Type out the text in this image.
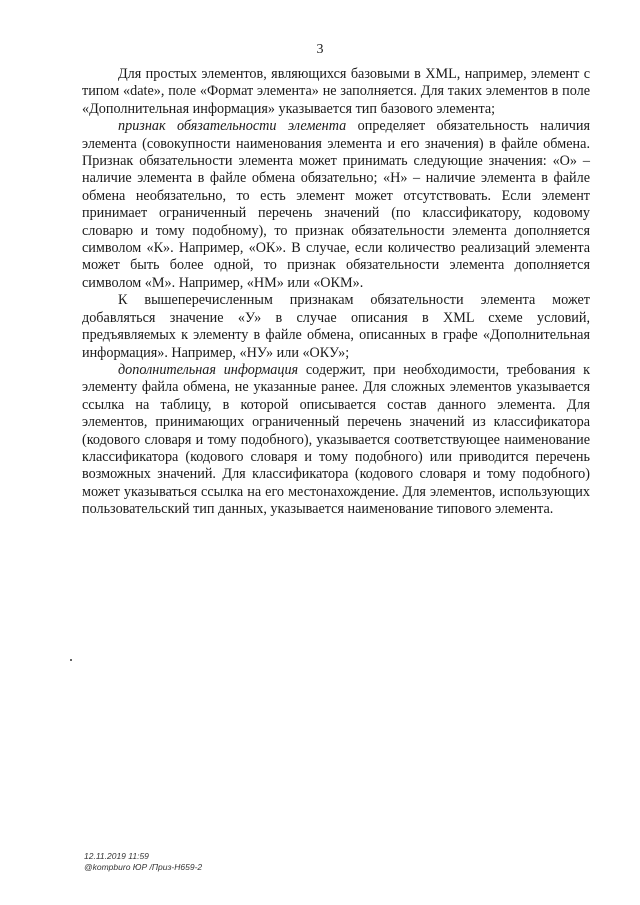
3

Для простых элементов, являющихся базовыми в XML, например, элемент с типом «date», поле «Формат элемента» не заполняется. Для таких элементов в поле «Дополнительная информация» указывается тип базового элемента;

признак обязательности элемента определяет обязательность наличия элемента (совокупности наименования элемента и его значения) в файле обмена. Признак обязательности элемента может принимать следующие значения: «О» – наличие элемента в файле обмена обязательно; «Н» – наличие элемента в файле обмена необязательно, то есть элемент может отсутствовать. Если элемент принимает ограниченный перечень значений (по классификатору, кодовому словарю и тому подобному), то признак обязательности элемента дополняется символом «К». Например, «ОК». В случае, если количество реализаций элемента может быть более одной, то признак обязательности элемента дополняется символом «М». Например, «НМ» или «ОКМ».

К вышеперечисленным признакам обязательности элемента может добавляться значение «У» в случае описания в XML схеме условий, предъявляемых к элементу в файле обмена, описанных в графе «Дополнительная информация». Например, «НУ» или «ОКУ»;

дополнительная информация содержит, при необходимости, требования к элементу файла обмена, не указанные ранее. Для сложных элементов указывается ссылка на таблицу, в которой описывается состав данного элемента. Для элементов, принимающих ограниченный перечень значений из классификатора (кодового словаря и тому подобного), указывается соответствующее наименование классификатора (кодового словаря и тому подобного) или приводится перечень возможных значений. Для классификатора (кодового словаря и тому подобного) может указываться ссылка на его местонахождение. Для элементов, использующих пользовательский тип данных, указывается наименование типового элемента.

12.11.2019 11:59
@kompburo ЮР /Приз-Н659-2
